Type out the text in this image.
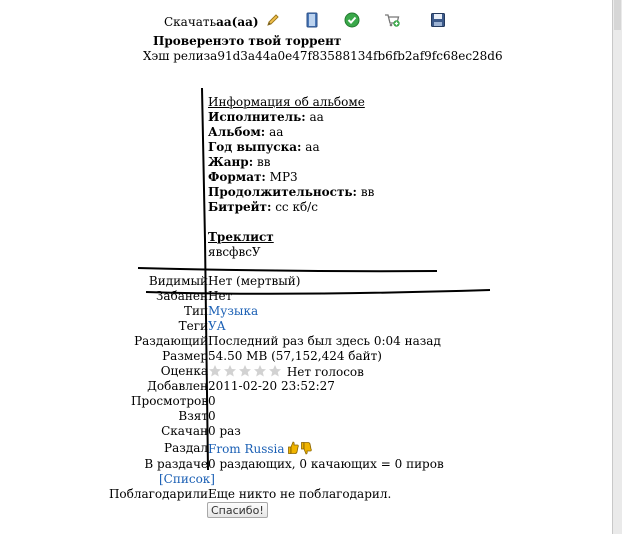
Скачатьaa(aa)
Проверенэто твой торрент
Хэш релиза91d3a44a0e47f83588134fb6fb2af9fc68ec28d6
Информация об альбоме
Исполнитель: aa
Альбом: aa
Год выпуска: aa
Жанр: вв
Формат: MP3
Продолжительность: вв
Битрейт: сс кб/с
Треклист
явсфвсУ
Видимый Нет (мертвый)
Забанен Нет
Тип Музыка
Теги УА
Раздающий Последний раз был здесь 0:04 назад
Размер 54.50 MB (57,152,424 байт)
Оценка	Нет голосов
Добавлен 2011-02-20 23:52:27
Просмотров 0
Взят 0
Скачан 0 раз
Раздал From Russia
В раздаче 0 раздающих, 0 качающих = 0 пиров
[Список]
Поблагодарили Еще никто не поблагодарил.
Спасибо!
